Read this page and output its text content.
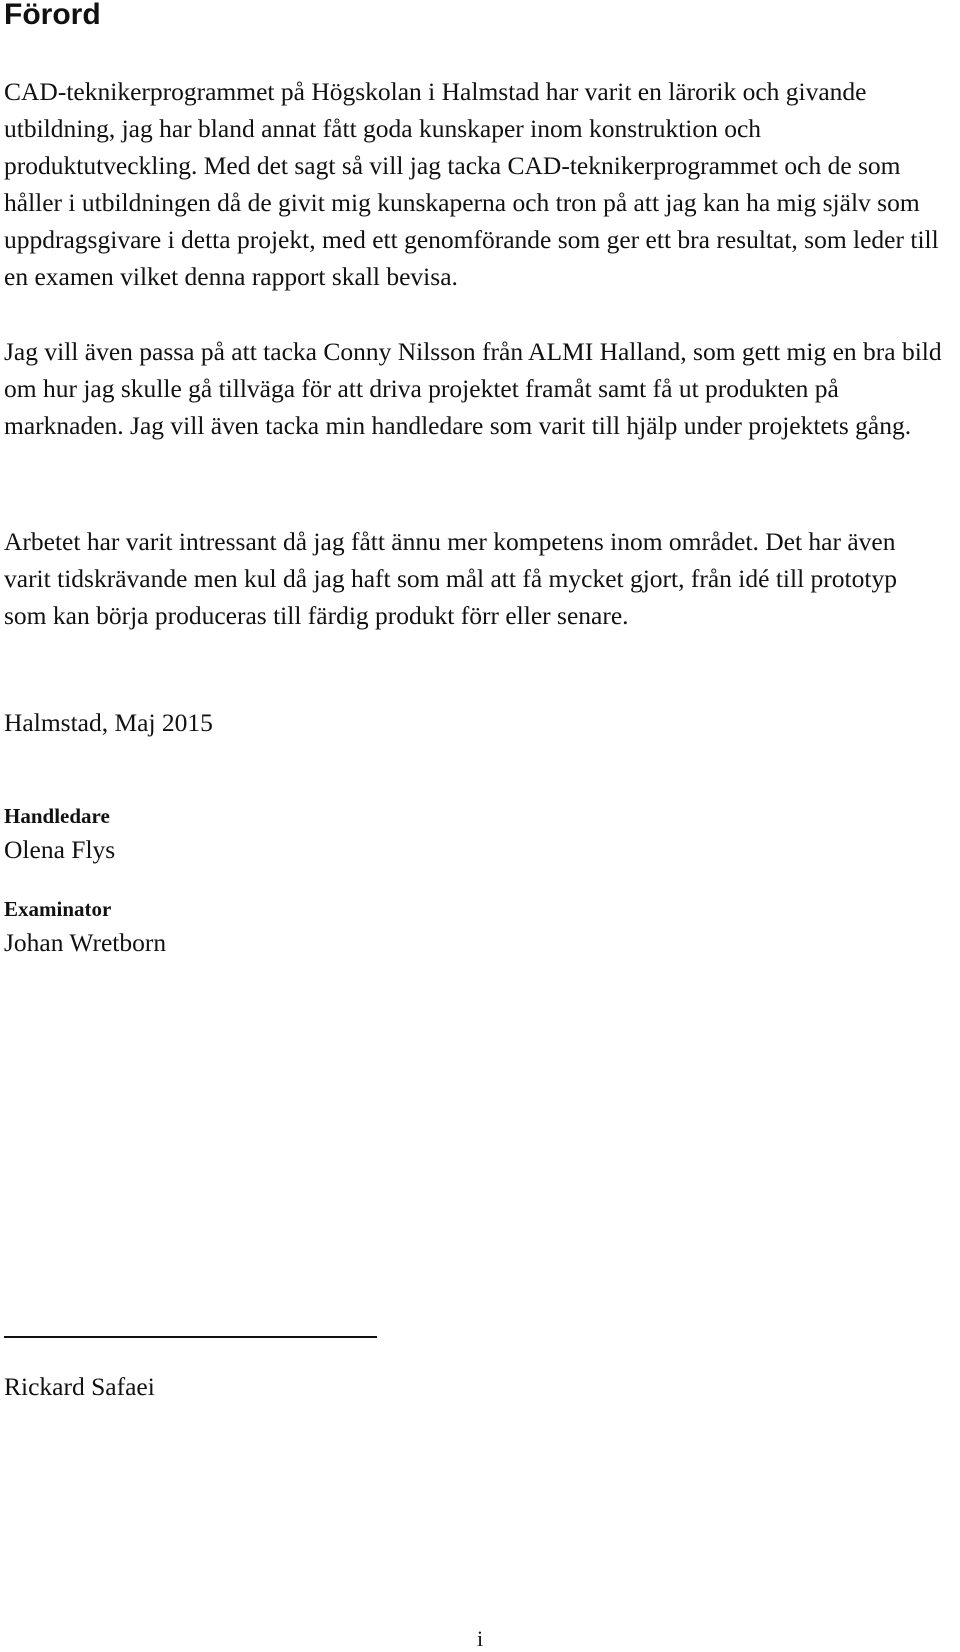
Förord

CAD-teknikerprogrammet på Högskolan i Halmstad har varit en lärorik och givande utbildning, jag har bland annat fått goda kunskaper inom konstruktion och produktutveckling. Med det sagt så vill jag tacka CAD-teknikerprogrammet och de som håller i utbildningen då de givit mig kunskaperna och tron på att jag kan ha mig själv som uppdragsgivare i detta projekt, med ett genomförande som ger ett bra resultat, som leder till en examen vilket denna rapport skall bevisa.

Jag vill även passa på att tacka Conny Nilsson från ALMI Halland, som gett mig en bra bild om hur jag skulle gå tillväga för att driva projektet framåt samt få ut produkten på marknaden. Jag vill även tacka min handledare som varit till hjälp under projektets gång.

Arbetet har varit intressant då jag fått ännu mer kompetens inom området. Det har även varit tidskrävande men kul då jag haft som mål att få mycket gjort, från idé till prototyp som kan börja produceras till färdig produkt förr eller senare.

Halmstad, Maj 2015

Handledare

Olena Flys

Examinator

Johan Wretborn

Rickard Safaei

i
